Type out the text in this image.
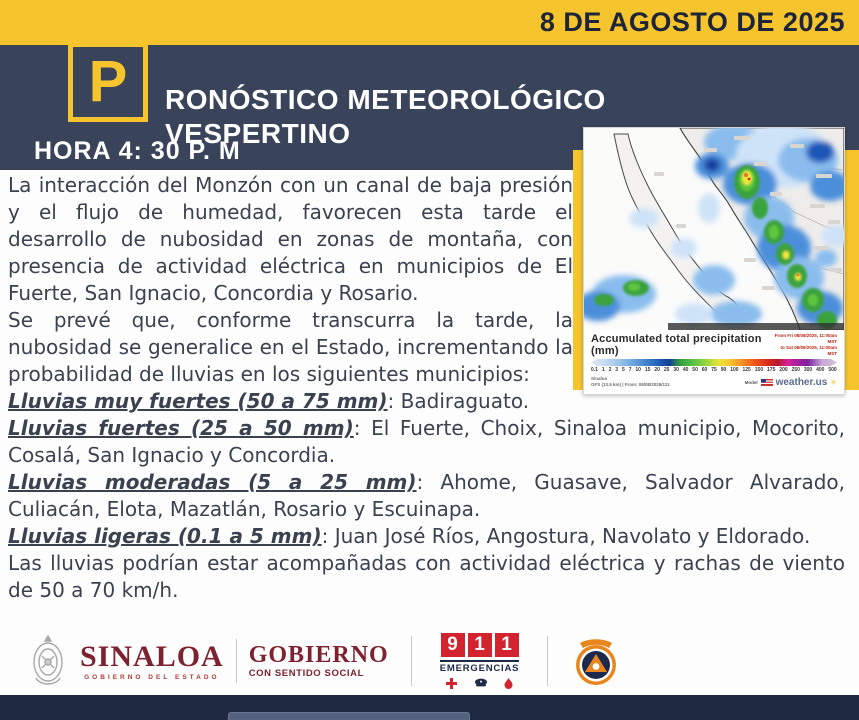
8 DE AGOSTO DE 2025
P RONÓSTICO METEOROLÓGICO
VESPERTINO
HORA 4: 30 P. M
Accumulated total precipitation (mm)
From Fri 08/08/2025, 11:00am MST
to Sat 08/09/2025, 11:00am MST
0.1 1 2 3 5 7 10 15 20 25 30 40 50 60 75 90 100 125 150 175 200 250 300 400 500
Sinaloa
GFS (13.5 km) | From: 08/08/2025/12z	Model weather.us ✳

La interacción del Monzón con un canal de baja presión y el flujo de humedad, favorecen esta tarde el desarrollo de nubosidad en zonas de montaña, con presencia de actividad eléctrica en municipios de El Fuerte, San Ignacio, Concordia y Rosario.

Se prevé que, conforme transcurra la tarde, la nubosidad se generalice en el Estado, incrementando la probabilidad de lluvias en los siguientes municipios:

Lluvias muy fuertes (50 a 75 mm): Badiraguato.

Lluvias fuertes (25 a 50 mm): El Fuerte, Choix, Sinaloa municipio, Mocorito, Cosalá, San Ignacio y Concordia.

Lluvias moderadas (5 a 25 mm): Ahome, Guasave, Salvador Alvarado, Culiacán, Elota, Mazatlán, Rosario y Escuinapa.

Lluvias ligeras (0.1 a 5 mm): Juan José Ríos, Angostura, Navolato y Eldorado.

Las lluvias podrían estar acompañadas con actividad eléctrica y rachas de viento de 50 a 70 km/h.

SINALOA
GOBIERNO DEL ESTADO
GOBIERNO
CON SENTIDO SOCIAL
9 1 1
EMERGENCIAS
